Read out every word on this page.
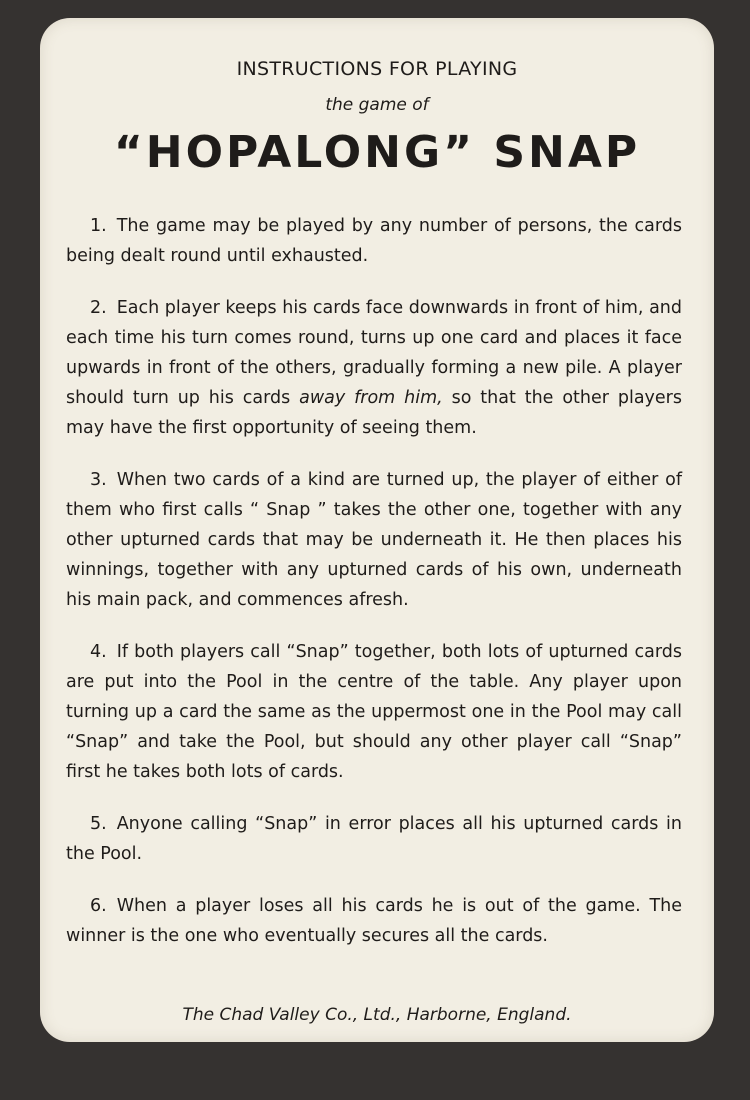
INSTRUCTIONS FOR PLAYING

the game of

“HOPALONG” SNAP

1. The game may be played by any number of persons, the cards being dealt round until exhausted.

2. Each player keeps his cards face downwards in front of him, and each time his turn comes round, turns up one card and places it face upwards in front of the others, gradually forming a new pile. A player should turn up his cards away from him, so that the other players may have the first opportunity of seeing them.

3. When two cards of a kind are turned up, the player of either of them who first calls “ Snap ” takes the other one, together with any other upturned cards that may be underneath it. He then places his winnings, together with any upturned cards of his own, underneath his main pack, and commences afresh.

4. If both players call “Snap” together, both lots of upturned cards are put into the Pool in the centre of the table. Any player upon turning up a card the same as the uppermost one in the Pool may call “Snap” and take the Pool, but should any other player call “Snap” first he takes both lots of cards.

5. Anyone calling “Snap” in error places all his upturned cards in the Pool.

6. When a player loses all his cards he is out of the game. The winner is the one who eventually secures all the cards.

The Chad Valley Co., Ltd., Harborne, England.
